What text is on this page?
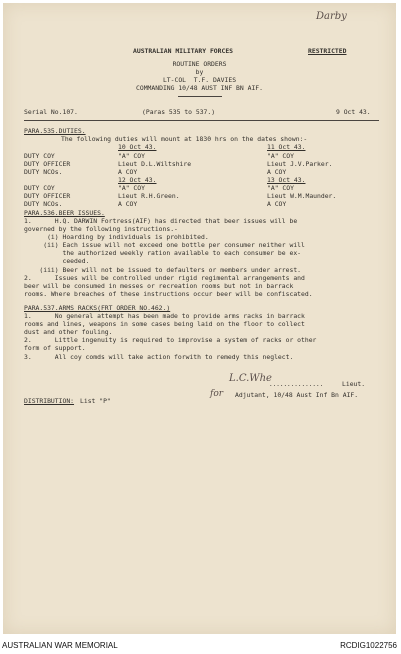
Darby
AUSTRALIAN MILITARY FORCES	RESTRICTED
ROUTINE ORDERS
by
LT-COL  T.F. DAVIES
COMMANDING 10/48 AUST INF BN AIF.
Serial No.107.	(Paras 535 to 537.)	9 Oct 43.
PARA.535.DUTIES.
The following duties will mount at 1830 hrs on the dates shown:-
10 Oct 43.	11 Oct 43.
DUTY COY	"A" COY	"A" COY
DUTY OFFICER	Lieut D.L.Wiltshire	Lieut J.V.Parker.
DUTY NCOs.	A COY	A COY
12 Oct 43.	13 Oct 43.
DUTY COY	"A" COY	"A" COY
DUTY OFFICER	Lieut R.H.Green.	Lieut W.M.Maunder.
DUTY NCOs.	A COY	A COY
PARA.536.BEER ISSUES.
1.      H.Q. DARWIN Fortress(AIF) has directed that beer issues will be
governed by the following instructions.-
(i) Hoarding by individuals is prohibited.
(ii) Each issue will not exceed one bottle per consumer neither will
the authorized weekly ration available to each consumer be ex-
ceeded.
(iii) Beer will not be issued to defaulters or members under arrest.
2.      Issues will be controlled under rigid regimental arrangements and
beer will be consumed in messes or recreation rooms but not in barrack
rooms. Where breaches of these instructions occur beer will be confiscated.
PARA.537.ARMS RACKS(FRT ORDER NO.462.)
1.      No general attempt has been made to provide arms racks in barrack
rooms and lines, weapons in some cases being laid on the floor to collect
dust and other fouling.
2.      Little ingenuity is required to improvise a system of racks or other
form of support.
3.      All coy comds will take action forwith to remedy this neglect.
L.C.Whe
...............	Lieut.
for Adjutant, 10/48 Aust Inf Bn AIF.
DISTRIBUTION: List "P"
AUSTRALIAN WAR MEMORIAL	RCDIG1022756
